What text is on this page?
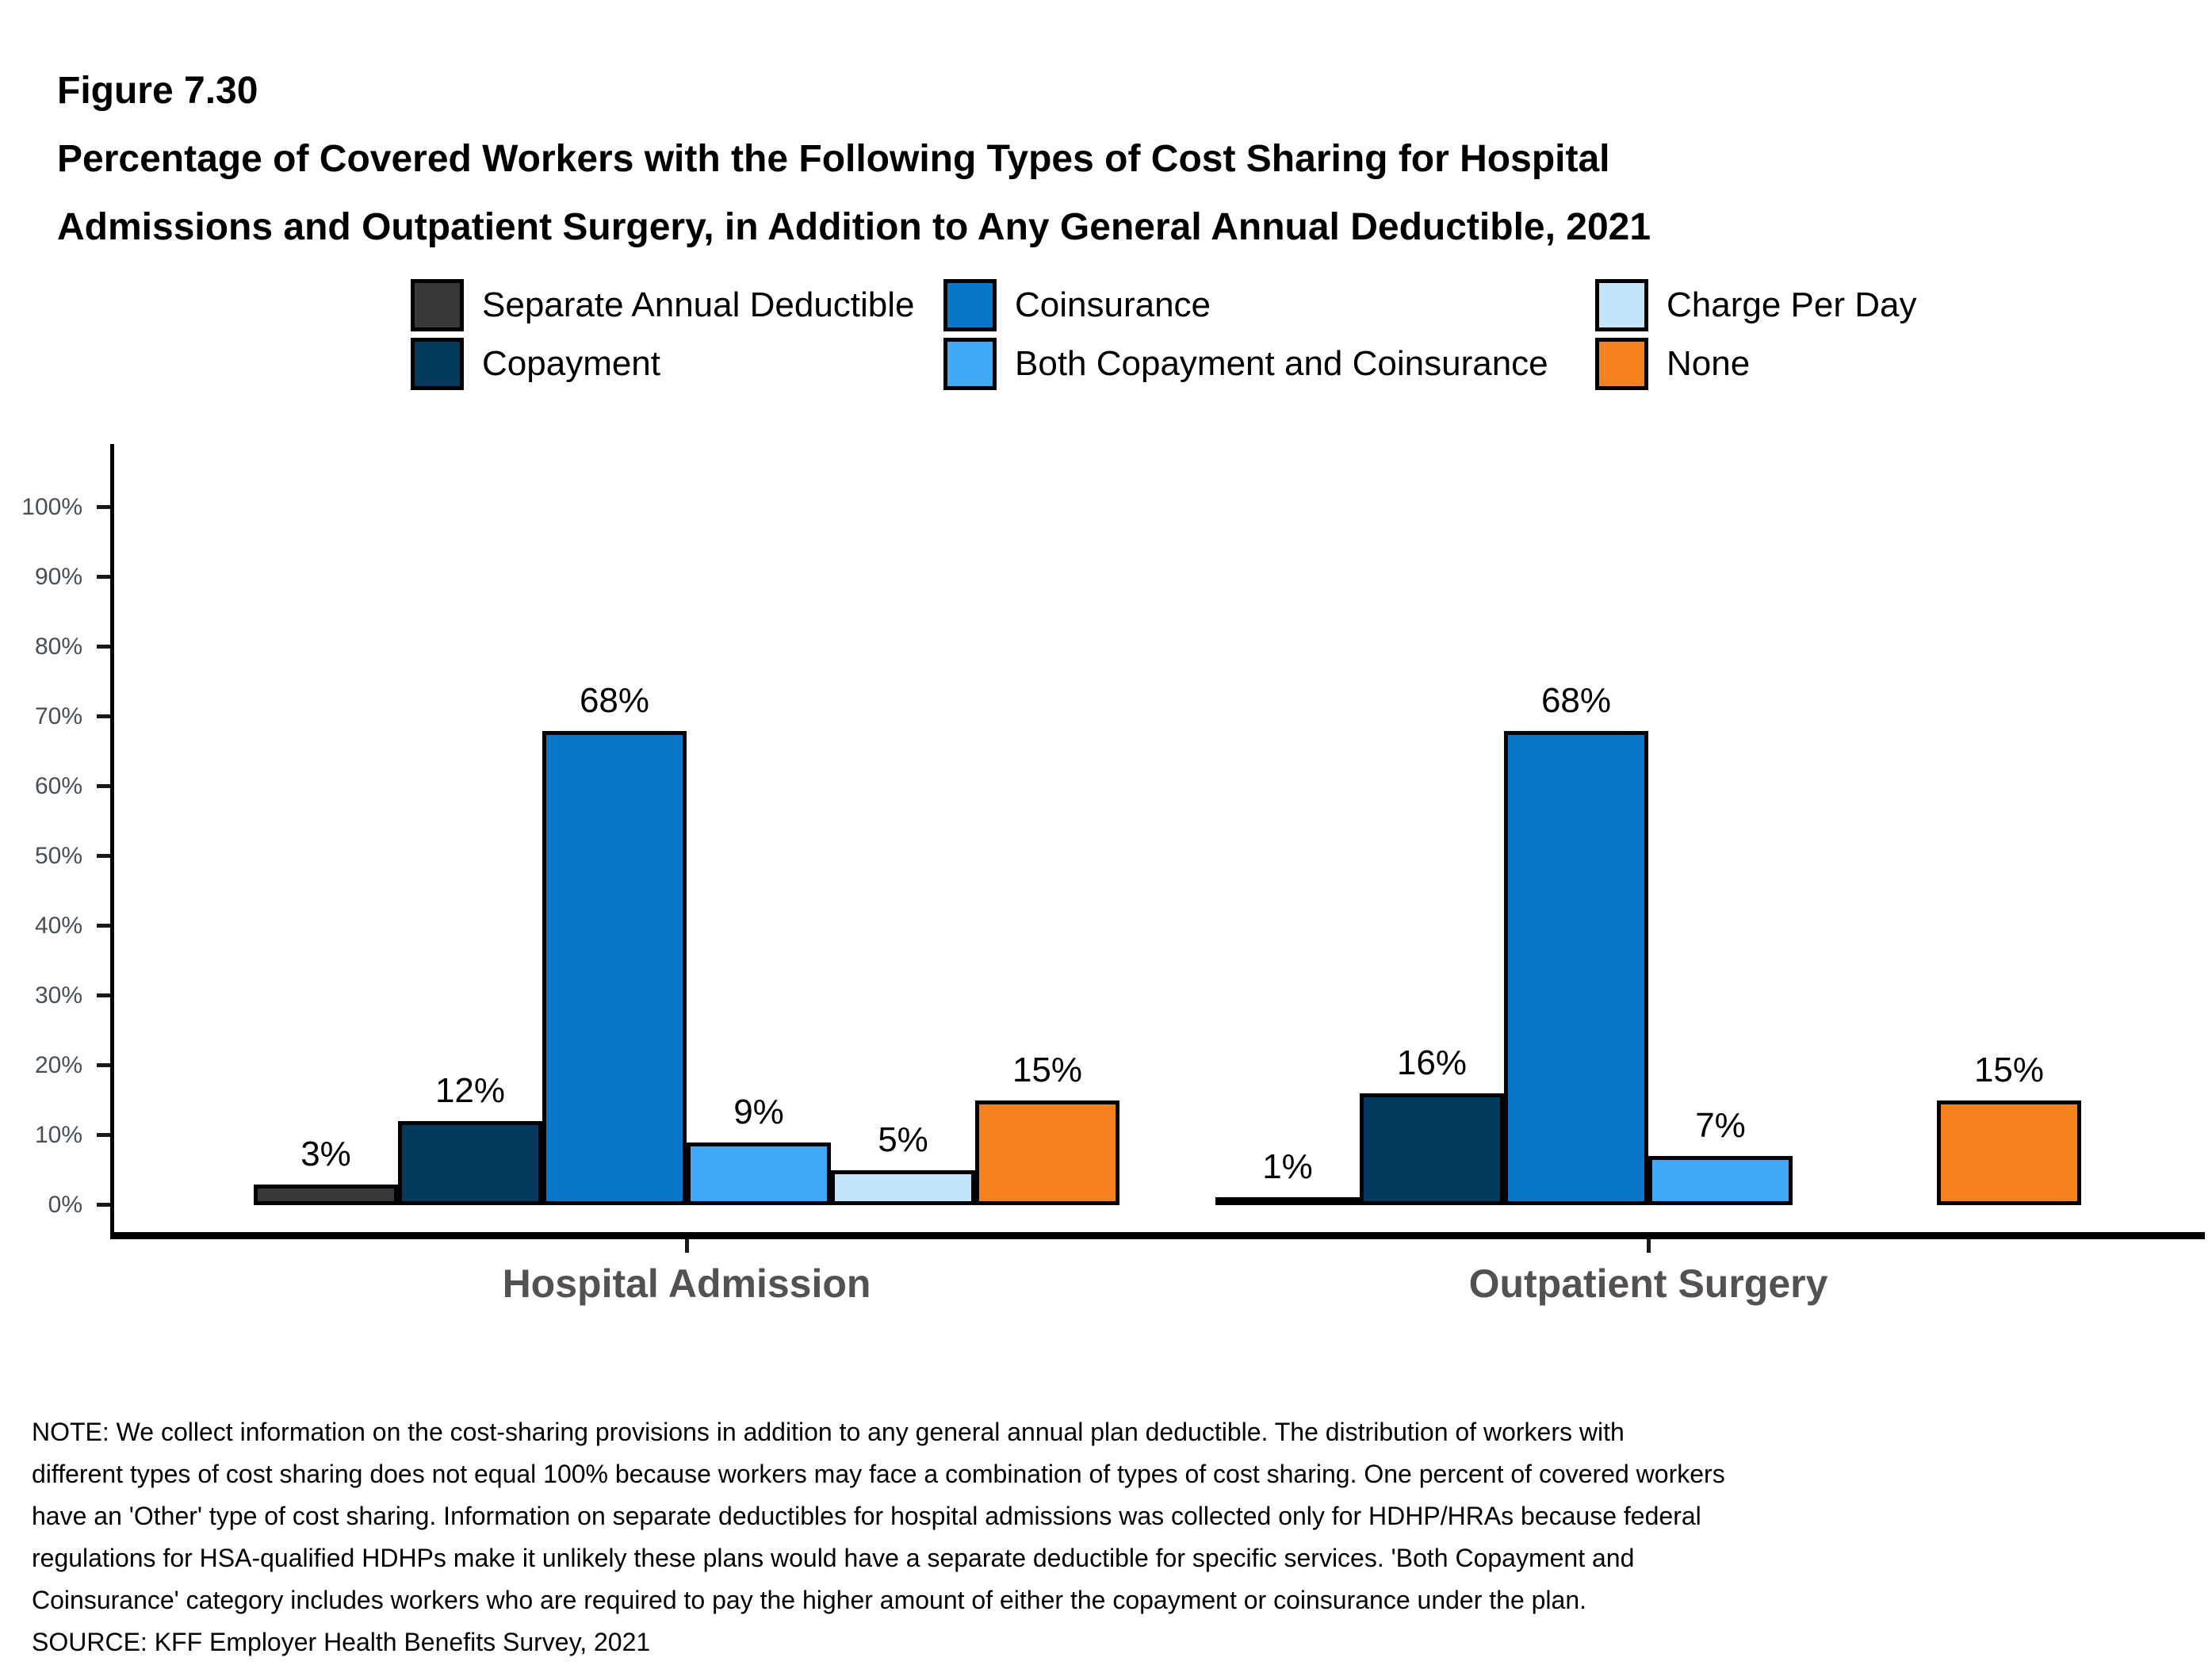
Figure 7.30
Percentage of Covered Workers with the Following Types of Cost Sharing for Hospital
Admissions and Outpatient Surgery, in Addition to Any General Annual Deductible, 2021
Separate Annual Deductible
Copayment
Coinsurance
Both Copayment and Coinsurance
Charge Per Day
None
0%
10%
20%
30%
40%
50%
60%
70%
80%
90%
100%
3%	1%
12%
16%
68%	68%
9%	7%
5%
15%	15%
Hospital Admission	Outpatient Surgery
NOTE: We collect information on the cost-sharing provisions in addition to any general annual plan deductible. The distribution of workers with
different types of cost sharing does not equal 100% because workers may face a combination of types of cost sharing. One percent of covered workers
have an 'Other' type of cost sharing. Information on separate deductibles for hospital admissions was collected only for HDHP/HRAs because federal
regulations for HSA-qualified HDHPs make it unlikely these plans would have a separate deductible for specific services. 'Both Copayment and
Coinsurance' category includes workers who are required to pay the higher amount of either the copayment or coinsurance under the plan.
SOURCE: KFF Employer Health Benefits Survey, 2021
